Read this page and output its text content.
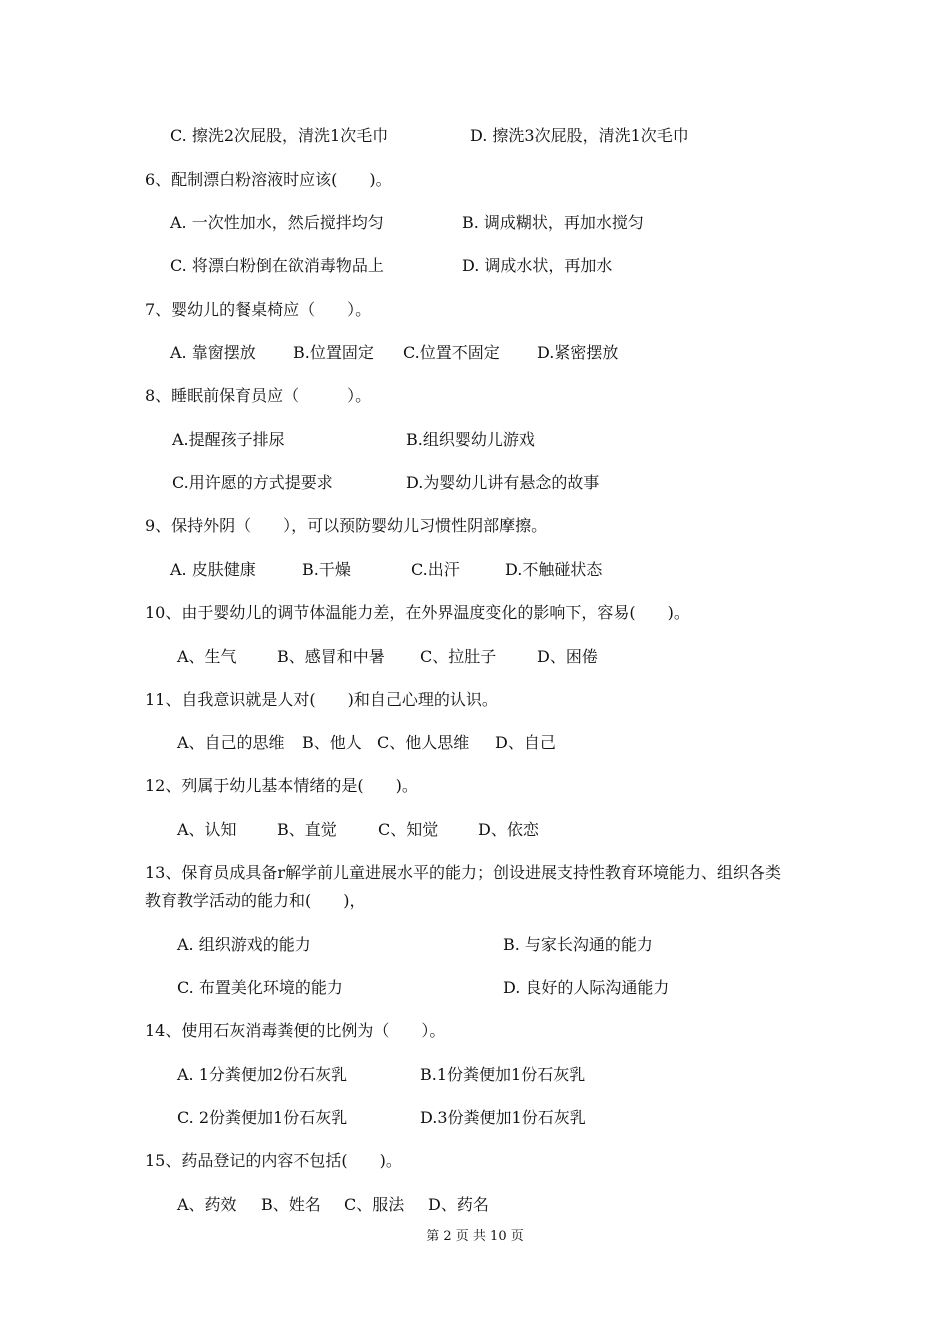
C. 擦洗2次屁股，清洗1次毛巾	D. 擦洗3次屁股，清洗1次毛巾
6、配制漂白粉溶液时应该(　　)。
A. 一次性加水，然后搅拌均匀	B. 调成糊状，再加水搅匀
C. 将漂白粉倒在欲消毒物品上	D. 调成水状，再加水
7、婴幼儿的餐桌椅应（　　）。
A. 靠窗摆放 B.位置固定 C.位置不固定 D.紧密摆放
8、睡眠前保育员应（　　　）。
A.提醒孩子排尿	B.组织婴幼儿游戏
C.用许愿的方式提要求	D.为婴幼儿讲有悬念的故事
9、保持外阴（　　），可以预防婴幼儿习惯性阴部摩擦。
A. 皮肤健康	B.干燥	C.出汗	D.不触碰状态
10、由于婴幼儿的调节体温能力差，在外界温度变化的影响下，容易(　　)。
A、生气	B、感冒和中暑 C、拉肚子	D、困倦
11、自我意识就是人对(　　)和自己心理的认识。
A、自己的思维 B、他人 C、他人思维 D、自己
12、列属于幼儿基本情绪的是(　　)。
A、认知	B、直觉	C、知觉 D、依恋
13、保育员成具备r解学前儿童进展水平的能力；创设进展支持性教育环境能力、组织各类
教育教学活动的能力和(　　)，
A. 组织游戏的能力	B. 与家长沟通的能力
C. 布置美化环境的能力	D. 良好的人际沟通能力
14、使用石灰消毒粪便的比例为（　　）。
A. 1分粪便加2份石灰乳	B.1份粪便加1份石灰乳
C. 2份粪便加1份石灰乳	D.3份粪便加1份石灰乳
15、药品登记的内容不包括(　　)。
A、药效 B、姓名 C、服法 D、药名
第 2 页 共 10 页
